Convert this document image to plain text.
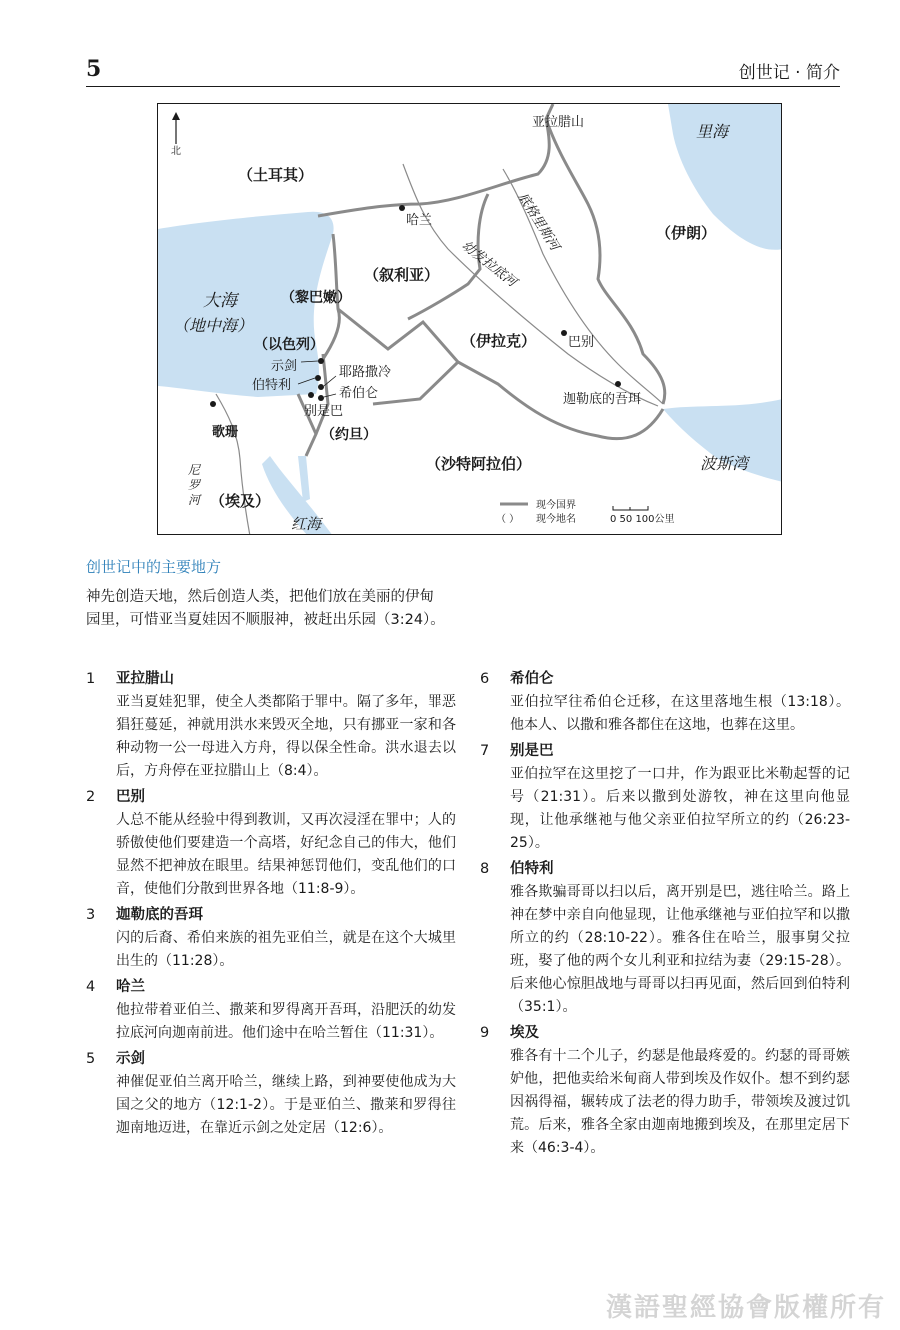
5	创世记 · 简介
北
里海
大海
（地中海）
波斯湾
红海
（土耳其）
（伊朗）
（叙利亚）
（黎巴嫩）
（以色列）	（伊拉克）
（约旦）
（沙特阿拉伯）
（埃及）
底格里斯河
幼发拉底河
尼
罗
河
亚拉腊山
哈兰
巴别
迦勒底的吾珥
示剑
伯特利
耶路撒冷
希伯仑
别是巴
歌珊
现今国界
（ ） 现今地名	0 50 100公里
创世记中的主要地方

神先创造天地，然后创造人类，把他们放在美丽的伊甸园里，可惜亚当夏娃因不顺服神，被赶出乐园（3:24）。

1 亚拉腊山

亚当夏娃犯罪，使全人类都陷于罪中。隔了多年，罪恶猖狂蔓延，神就用洪水来毁灭全地，只有挪亚一家和各种动物一公一母进入方舟，得以保全性命。洪水退去以后，方舟停在亚拉腊山上（8:4）。

2 巴别

人总不能从经验中得到教训，又再次浸淫在罪中；人的骄傲使他们要建造一个高塔，好纪念自己的伟大，他们显然不把神放在眼里。结果神惩罚他们，变乱他们的口音，使他们分散到世界各地（11:8-9）。

3 迦勒底的吾珥

闪的后裔、希伯来族的祖先亚伯兰，就是在这个大城里出生的（11:28）。

4 哈兰

他拉带着亚伯兰、撒莱和罗得离开吾珥，沿肥沃的幼发拉底河向迦南前进。他们途中在哈兰暂住（11:31）。

5 示剑

神催促亚伯兰离开哈兰，继续上路，到神要使他成为大国之父的地方（12:1-2）。于是亚伯兰、撒莱和罗得往迦南地迈进，在靠近示剑之处定居（12:6）。

6 希伯仑

亚伯拉罕往希伯仑迁移，在这里落地生根（13:18）。他本人、以撒和雅各都住在这地，也葬在这里。

7 别是巴

亚伯拉罕在这里挖了一口井，作为跟亚比米勒起誓的记号（21:31）。后来以撒到处游牧，神在这里向他显现，让他承继祂与他父亲亚伯拉罕所立的约（26:23-25）。

8 伯特利

雅各欺骗哥哥以扫以后，离开别是巴，逃往哈兰。路上神在梦中亲自向他显现，让他承继祂与亚伯拉罕和以撒所立的约（28:10-22）。雅各住在哈兰，服事舅父拉班，娶了他的两个女儿利亚和拉结为妻（29:15-28）。后来他心惊胆战地与哥哥以扫再见面，然后回到伯特利（35:1）。

9 埃及

雅各有十二个儿子，约瑟是他最疼爱的。约瑟的哥哥嫉妒他，把他卖给米甸商人带到埃及作奴仆。想不到约瑟因祸得福，辗转成了法老的得力助手，带领埃及渡过饥荒。后来，雅各全家由迦南地搬到埃及，在那里定居下来（46:3-4）。

漢語聖經協會版權所有
